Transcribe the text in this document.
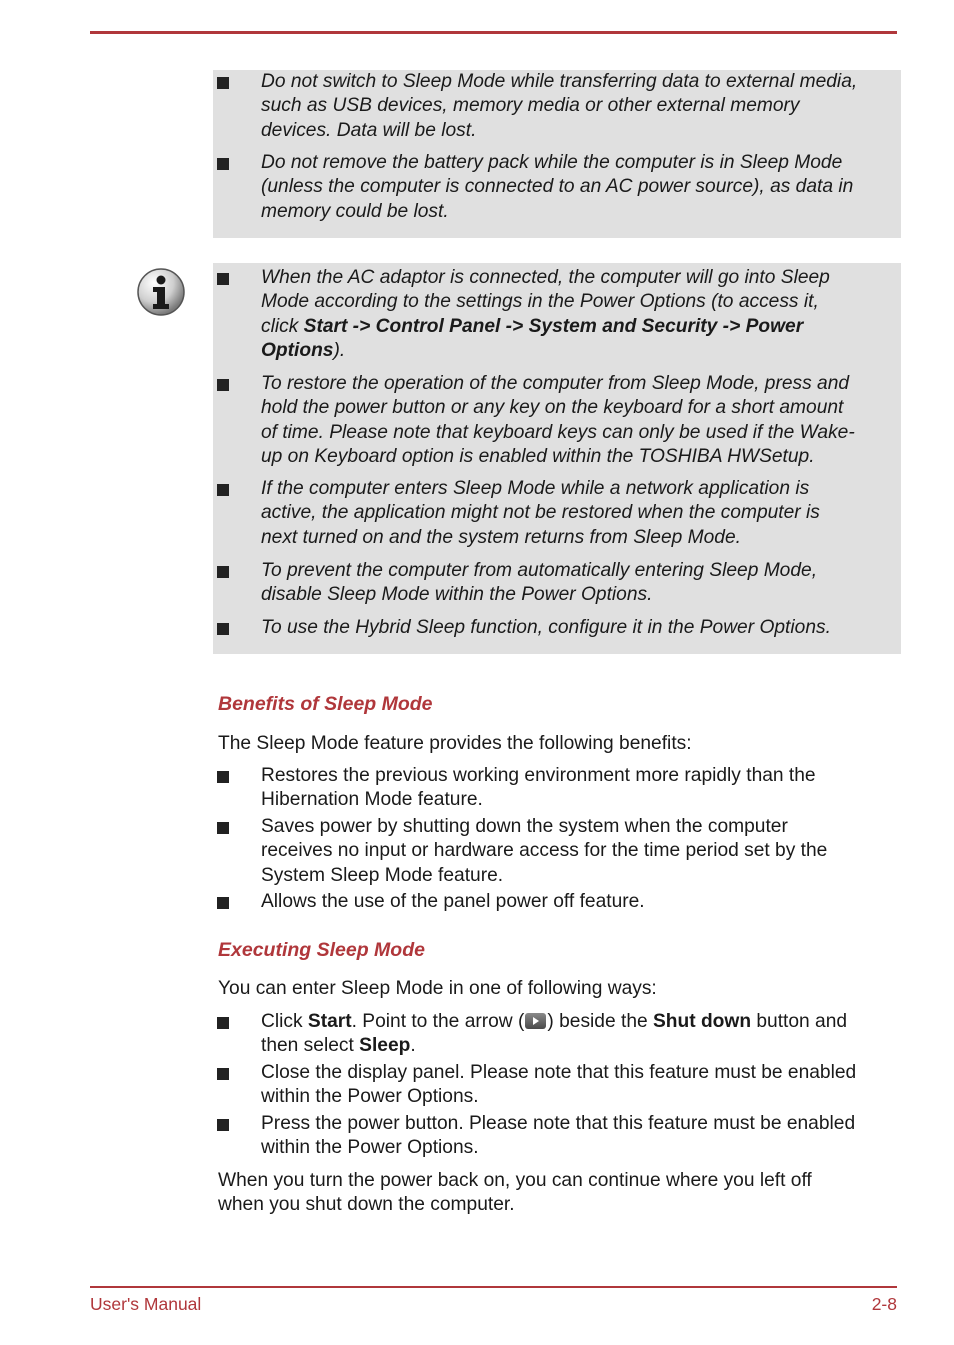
Do not switch to Sleep Mode while transferring data to external media,
such as USB devices, memory media or other external memory
devices. Data will be lost.
Do not remove the battery pack while the computer is in Sleep Mode
(unless the computer is connected to an AC power source), as data in
memory could be lost.
When the AC adaptor is connected, the computer will go into Sleep
Mode according to the settings in the Power Options (to access it,
click Start -> Control Panel -> System and Security -> Power
Options).
To restore the operation of the computer from Sleep Mode, press and
hold the power button or any key on the keyboard for a short amount
of time. Please note that keyboard keys can only be used if the Wake-
up on Keyboard option is enabled within the TOSHIBA HWSetup.
If the computer enters Sleep Mode while a network application is
active, the application might not be restored when the computer is
next turned on and the system returns from Sleep Mode.
To prevent the computer from automatically entering Sleep Mode,
disable Sleep Mode within the Power Options.
To use the Hybrid Sleep function, configure it in the Power Options.
Benefits of Sleep Mode
The Sleep Mode feature provides the following benefits:
Restores the previous working environment more rapidly than the
Hibernation Mode feature.
Saves power by shutting down the system when the computer
receives no input or hardware access for the time period set by the
System Sleep Mode feature.
Allows the use of the panel power off feature.
Executing Sleep Mode
You can enter Sleep Mode in one of following ways:
Click Start. Point to the arrow ( ) beside the Shut down button and
then select Sleep.
Close the display panel. Please note that this feature must be enabled
within the Power Options.
Press the power button. Please note that this feature must be enabled
within the Power Options.
When you turn the power back on, you can continue where you left off
when you shut down the computer.
User's Manual	2-8
